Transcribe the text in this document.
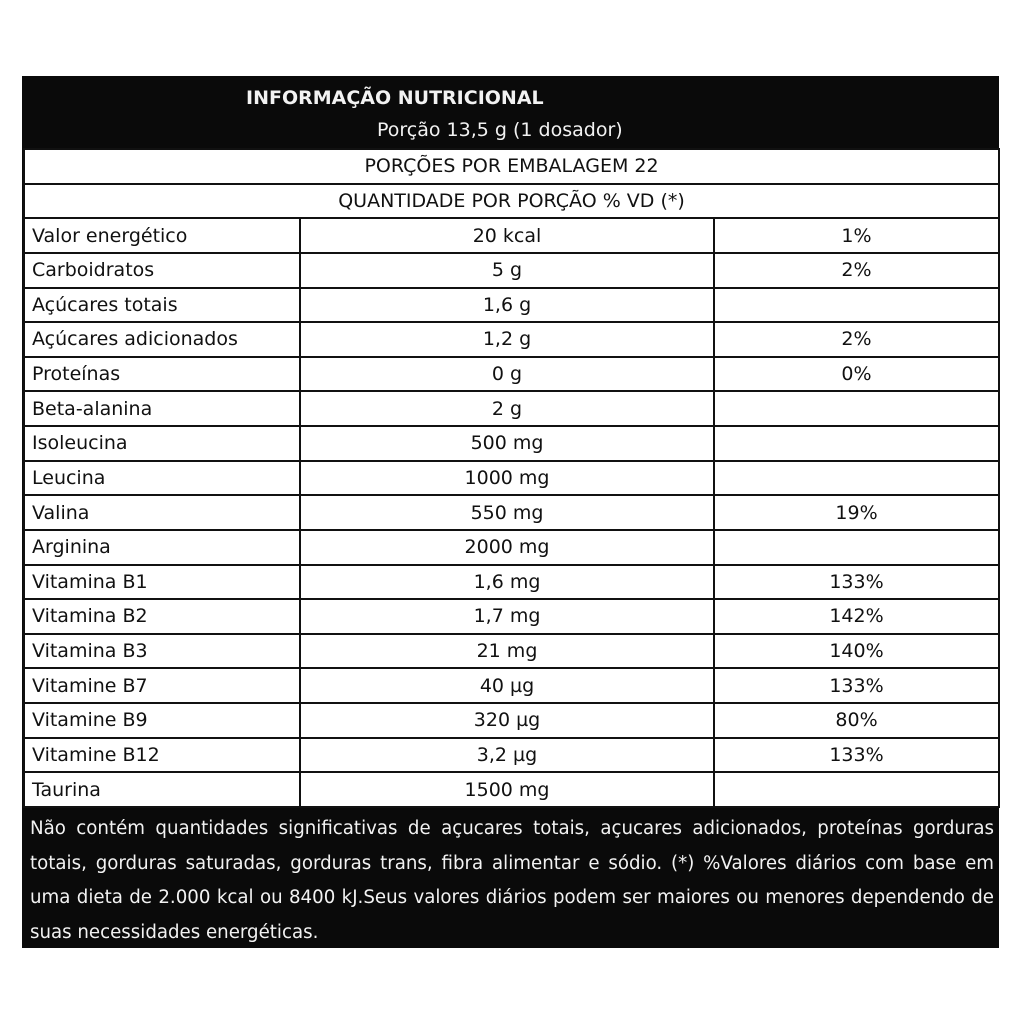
INFORMAÇÃO NUTRICIONAL
Porção 13,5 g (1 dosador)
PORÇÕES POR EMBALAGEM 22		
QUANTIDADE POR PORÇÃO % VD (*)		
Valor energético	20 kcal	1%
Carboidratos	5 g	2%
Açúcares totais	1,6 g	
Açúcares adicionados	1,2 g	2%
Proteínas	0 g	0%
Beta-alanina	2 g	
Isoleucina	500 mg	
Leucina	1000 mg	
Valina	550 mg	19%
Arginina	2000 mg	
Vitamina B1	1,6 mg	133%
Vitamina B2	1,7 mg	142%
Vitamina B3	21 mg	140%
Vitamine B7	40 µg	133%
Vitamine B9	320 µg	80%
Vitamine B12	3,2 µg	133%
Taurina	1500 mg	
Não contém quantidades significativas de açucares totais, açucares adicionados, proteínas gorduras totais, gorduras saturadas, gorduras trans, fibra alimentar e sódio. (*) %Valores diários com base em uma dieta de 2.000 kcal ou 8400 kJ.Seus valores diários podem ser maiores ou menores dependendo de suas necessidades energéticas.
